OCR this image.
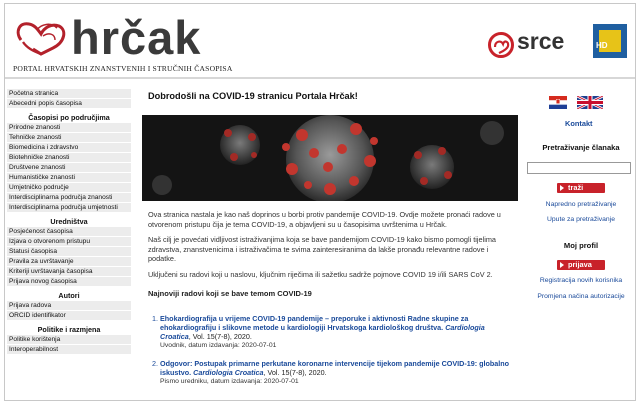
hrčak
PORTAL HRVATSKIH ZNANSTVENIH I STRUČNIH ČASOPISA
srce	HD
Početna stranica
Abecedni popis časopisa
Časopisi po područjima
Prirodne znanosti
Tehničke znanosti
Biomedicina i zdravstvo
Biotehničke znanosti
Društvene znanosti
Humanističke znanosti
Umjetničko područje
Interdisciplinarna područja znanosti
Interdisciplinarna područja umjetnosti
Uredništva
Posjećenost časopisa
Izjava o otvorenom pristupu
Statusi časopisa
Pravila za uvrštavanje
Kriteriji uvrštavanja časopisa
Prijava novog časopisa
Autori
Prijava radova
ORCID identifikator
Politike i razmjena
Politike korištenja
Interoperabilnost
Dobrodošli na COVID-19 stranicu Portala Hrčak!
Ova stranica nastala je kao naš doprinos u borbi protiv pandemije COVID-19. Ovdje možete pronaći radove u otvorenom pristupu čija je tema COVID-19, a objavljeni su u časopisima uvrštenima u Hrčak.
Naš cilj je povećati vidljivost istraživanjima koja se bave pandemijom COVID-19 kako bismo pomogli tijelima zdravstva, znanstvenicima i istraživačima te svima zainteresiranima da lakše pronađu relevantne radove i podatke.
Uključeni su radovi koji u naslovu, ključnim riječima ili sažetku sadrže pojmove COVID 19 i/ili SARS CoV 2.
Najnoviji radovi koji se bave temom COVID-19
1. Ehokardiografija u vrijeme COVID-19 pandemije – preporuke i aktivnosti Radne skupine za ehokardiografiju i slikovne metode u kardiologiji Hrvatskoga kardiološkog društva. Cardiologia Croatica, Vol. 15(7-8), 2020.
Uvodnik, datum izdavanja: 2020-07-01
2. Odgovor: Postupak primarne perkutane koronarne intervencije tijekom pandemije COVID-19: globalno iskustvo. Cardiologia Croatica, Vol. 15(7-8), 2020.
Pismo uredniku, datum izdavanja: 2020-07-01
Kontakt
Pretraživanje članaka
traži
Napredno pretraživanje
Upute za pretraživanje
Moj profil
prijava
Registracija novih korisnika
Promjena načina autorizacije
